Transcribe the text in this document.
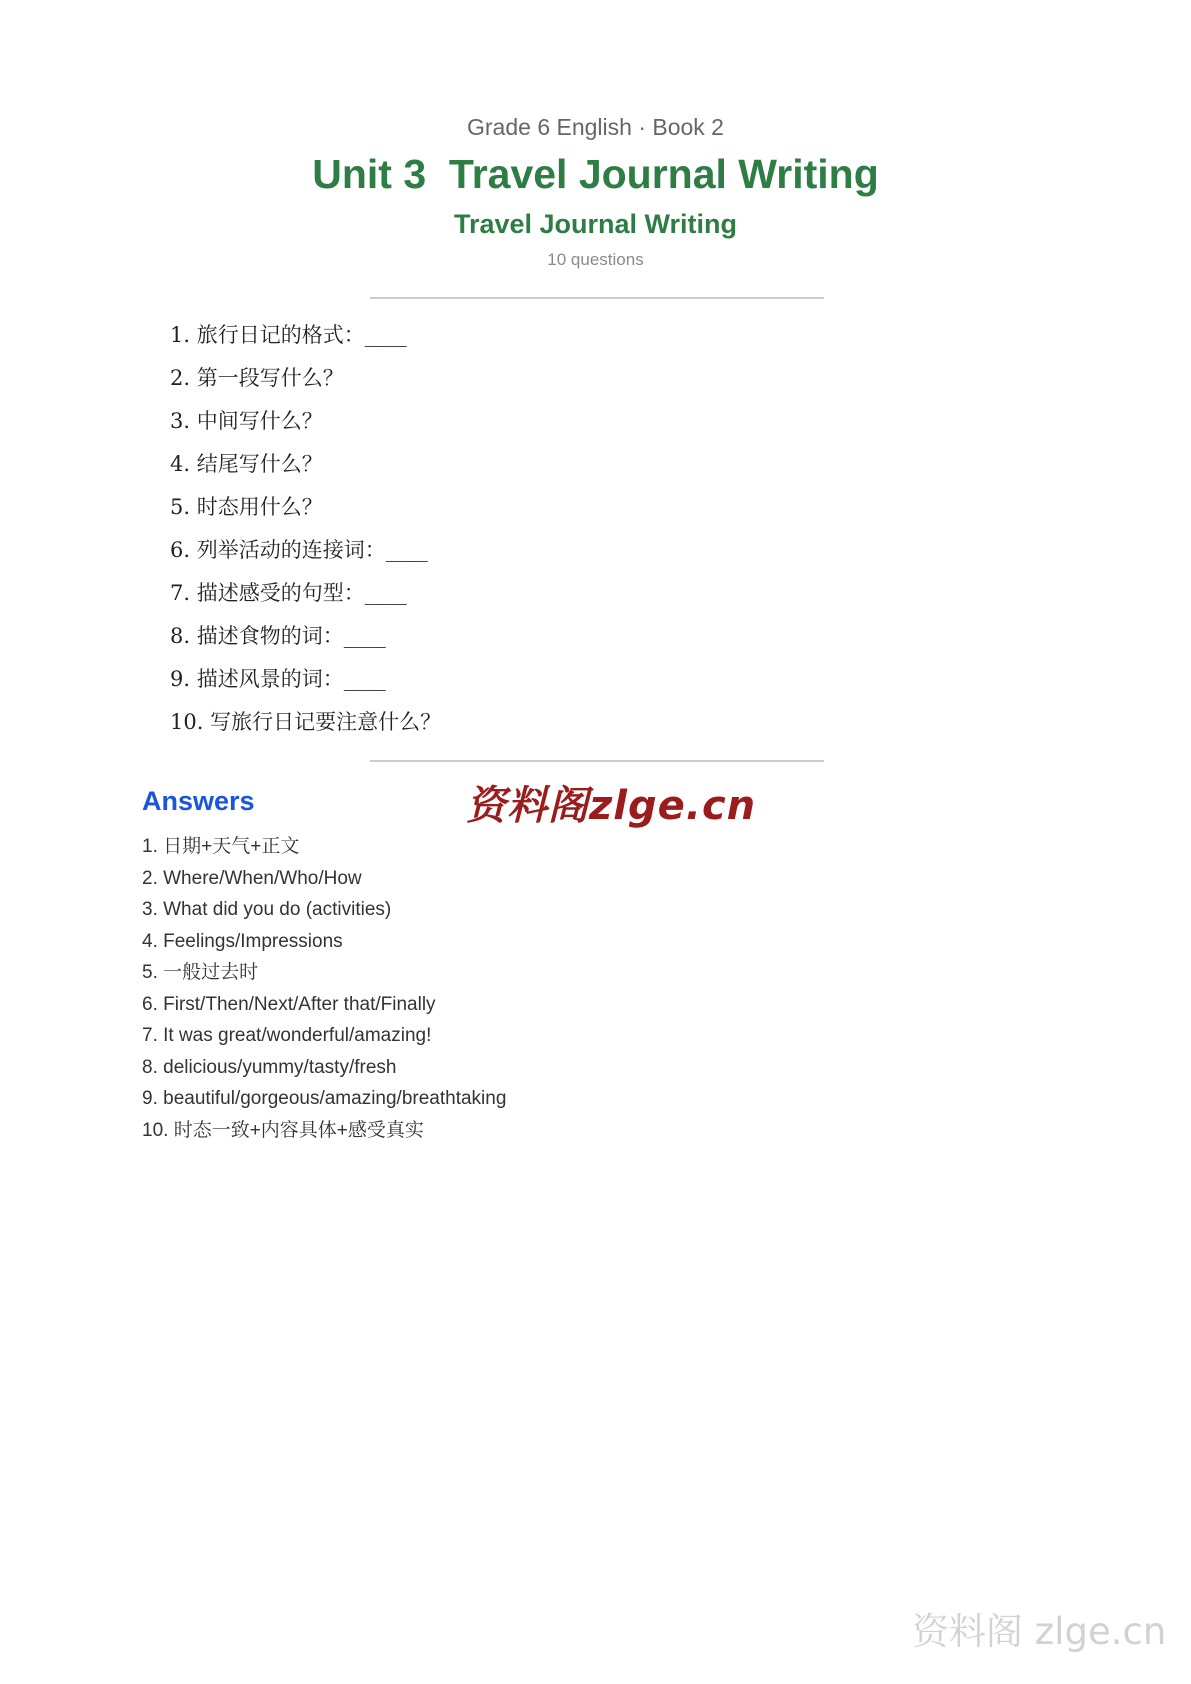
Grade 6 English · Book 2
Unit 3  Travel Journal Writing
Travel Journal Writing
10 questions
1. 旅行日记的格式：____
2. 第一段写什么？
3. 中间写什么？
4. 结尾写什么？
5. 时态用什么？
6. 列举活动的连接词：____
7. 描述感受的句型：____
8. 描述食物的词：____
9. 描述风景的词：____
10. 写旅行日记要注意什么？
Answers	资料阁zlge.cn
1. 日期+天气+正文
2. Where/When/Who/How
3. What did you do (activities)
4. Feelings/Impressions
5. 一般过去时
6. First/Then/Next/After that/Finally
7. It was great/wonderful/amazing!
8. delicious/yummy/tasty/fresh
9. beautiful/gorgeous/amazing/breathtaking
10. 时态一致+内容具体+感受真实
资料阁 zlge.cn
